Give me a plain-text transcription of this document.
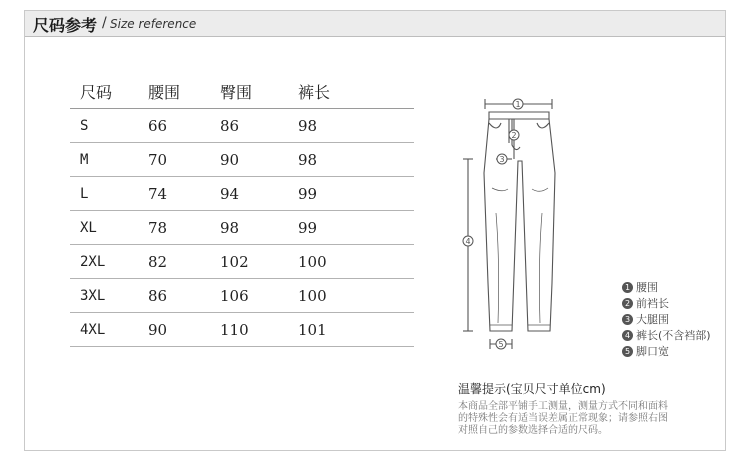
尺码参考 / Size reference
尺码	腰围	臀围	裤长
S	66	86	98
M	70	90	98
L	74	94	99
XL	78	98	99
2XL	82	102	100
3XL	86	106	100
4XL	90	110	101
1 腰围
2 前裆长
3 大腿围
4 裤长(不含裆部)
5 脚口宽
温馨提示(宝贝尺寸单位cm)
本商品全部平铺手工测量，测量方式不同和面料
的特殊性会有适当误差属正常现象；请参照右图
对照自己的参数选择合适的尺码。
1
2
3
4
5
